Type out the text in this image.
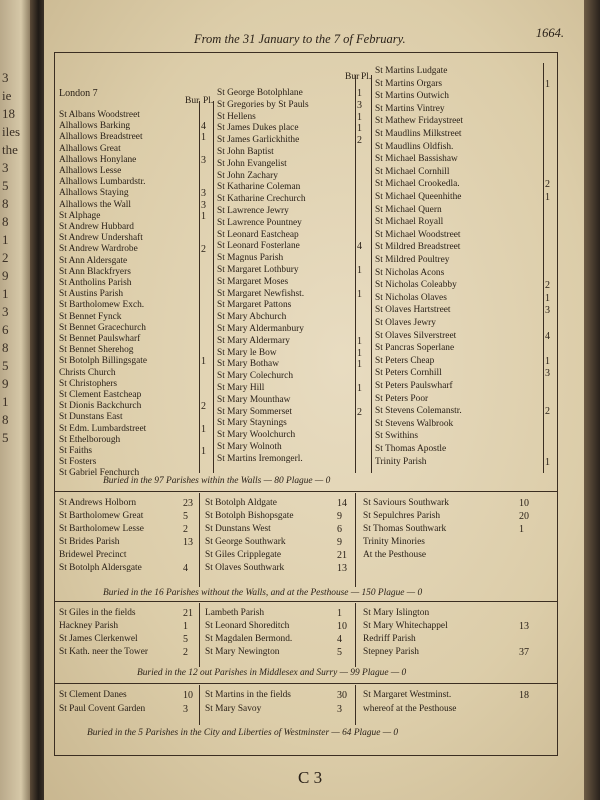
3
ie
18
iles
the
3
5
8
8
1
2
9
1
3
6
8
5
9
1
8
5
From the 31 January to the 7 of February.	1664.
London 7
Bur Pl.
Bur Pl.
St Albans Woodstreet
Alhallows Barking	4
Alhallows Breadstreet	1
Alhallows Great
Alhallows Honylane	3
Alhallows Lesse
Alhallows Lumbardstr.
Alhallows Staying	3
Alhallows the Wall	3
St Alphage	1
St Andrew Hubbard
St Andrew Undershaft
St Andrew Wardrobe	2
St Ann Aldersgate
St Ann Blackfryers
St Antholins Parish
St Austins Parish
St Bartholomew Exch.
St Bennet Fynck
St Bennet Gracechurch
St Bennet Paulswharf
St Bennet Sherehog
St Botolph Billingsgate	1
Christs Church
St Christophers
St Clement Eastcheap
St Dionis Backchurch	2
St Dunstans East
St Edm. Lumbardstreet	1
St Ethelborough
St Faiths	1
St Fosters
St Gabriel Fenchurch
St George Botolphlane	1
St Gregories by St Pauls	3
St Hellens	1
St James Dukes place	1
St James Garlickhithe	2
St John Baptist
St John Evangelist
St John Zachary
St Katharine Coleman
St Katharine Crechurch
St Lawrence Jewry
St Lawrence Pountney
St Leonard Eastcheap
St Leonard Fosterlane	4
St Magnus Parish
St Margaret Lothbury	1
St Margaret Moses
St Margaret Newfishst.	1
St Margaret Pattons
St Mary Abchurch
St Mary Aldermanbury
St Mary Aldermary	1
St Mary le Bow	1
St Mary Bothaw	1
St Mary Colechurch
St Mary Hill	1
St Mary Mounthaw
St Mary Sommerset	2
St Mary Staynings
St Mary Woolchurch
St Mary Wolnoth
St Martins Iremongerl.
St Martins Ludgate
St Martins Orgars	1
St Martins Outwich
St Martins Vintrey
St Mathew Fridaystreet
St Maudlins Milkstreet
St Maudlins Oldfish.
St Michael Bassishaw
St Michael Cornhill
St Michael Crookedla.	2
St Michael Queenhithe	1
St Michael Quern
St Michael Royall
St Michael Woodstreet
St Mildred Breadstreet
St Mildred Poultrey
St Nicholas Acons
St Nicholas Coleabby	2
St Nicholas Olaves	1
St Olaves Hartstreet	3
St Olaves Jewry
St Olaves Silverstreet	4
St Pancras Soperlane
St Peters Cheap	1
St Peters Cornhill	3
St Peters Paulswharf
St Peters Poor
St Stevens Colemanstr.	2
St Stevens Walbrook
St Swithins
St Thomas Apostle
Trinity Parish	1
St Andrews Holborn	23
St Bartholomew Great	5
St Bartholomew Lesse	2
St Brides Parish	13
Bridewel Precinct
St Botolph Aldersgate	4
St Botolph Aldgate	14
St Botolph Bishopsgate	9
St Dunstans West	6
St George Southwark	9
St Giles Cripplegate	21
St Olaves Southwark	13
St Saviours Southwark	10
St Sepulchres Parish	20
St Thomas Southwark	1
Trinity Minories
At the Pesthouse
St Giles in the fields	21
Hackney Parish	1
St James Clerkenwel	5
St Kath. neer the Tower	2
Lambeth Parish	1
St Leonard Shoreditch	10
St Magdalen Bermond.	4
St Mary Newington	5
St Mary Islington
St Mary Whitechappel	13
Redriff Parish
Stepney Parish	37
St Clement Danes	10
St Paul Covent Garden	3
St Martins in the fields	30
St Mary Savoy	3
St Margaret Westminst.	18
whereof at the Pesthouse
Buried in the 97 Parishes within the Walls — 80 Plague — 0
Buried in the 16 Parishes without the Walls, and at the Pesthouse — 150 Plague — 0
Buried in the 12 out Parishes in Middlesex and Surry — 99 Plague — 0
Buried in the 5 Parishes in the City and Liberties of Westminster — 64 Plague — 0
C 3
